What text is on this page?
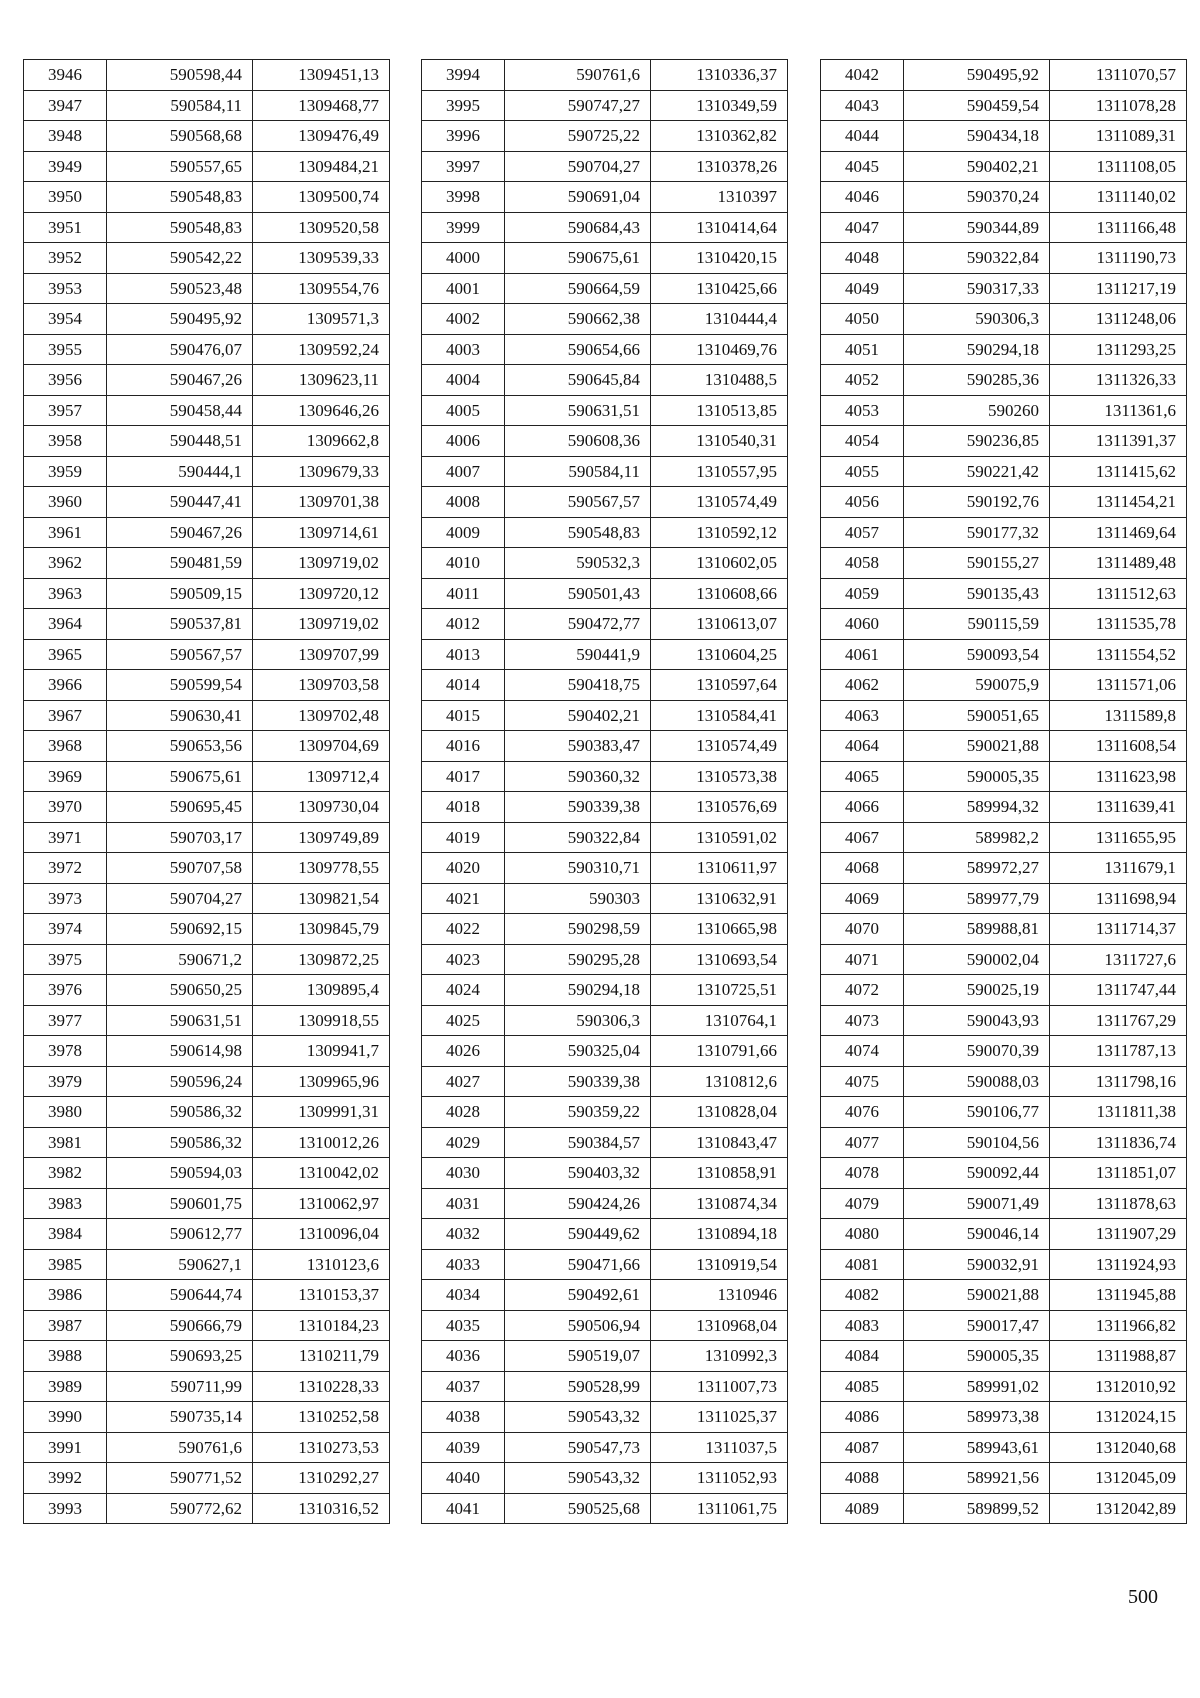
3946	590598,44	1309451,13
3947	590584,11	1309468,77
3948	590568,68	1309476,49
3949	590557,65	1309484,21
3950	590548,83	1309500,74
3951	590548,83	1309520,58
3952	590542,22	1309539,33
3953	590523,48	1309554,76
3954	590495,92	1309571,3
3955	590476,07	1309592,24
3956	590467,26	1309623,11
3957	590458,44	1309646,26
3958	590448,51	1309662,8
3959	590444,1	1309679,33
3960	590447,41	1309701,38
3961	590467,26	1309714,61
3962	590481,59	1309719,02
3963	590509,15	1309720,12
3964	590537,81	1309719,02
3965	590567,57	1309707,99
3966	590599,54	1309703,58
3967	590630,41	1309702,48
3968	590653,56	1309704,69
3969	590675,61	1309712,4
3970	590695,45	1309730,04
3971	590703,17	1309749,89
3972	590707,58	1309778,55
3973	590704,27	1309821,54
3974	590692,15	1309845,79
3975	590671,2	1309872,25
3976	590650,25	1309895,4
3977	590631,51	1309918,55
3978	590614,98	1309941,7
3979	590596,24	1309965,96
3980	590586,32	1309991,31
3981	590586,32	1310012,26
3982	590594,03	1310042,02
3983	590601,75	1310062,97
3984	590612,77	1310096,04
3985	590627,1	1310123,6
3986	590644,74	1310153,37
3987	590666,79	1310184,23
3988	590693,25	1310211,79
3989	590711,99	1310228,33
3990	590735,14	1310252,58
3991	590761,6	1310273,53
3992	590771,52	1310292,27
3993	590772,62	1310316,52
3994	590761,6	1310336,37
3995	590747,27	1310349,59
3996	590725,22	1310362,82
3997	590704,27	1310378,26
3998	590691,04	1310397
3999	590684,43	1310414,64
4000	590675,61	1310420,15
4001	590664,59	1310425,66
4002	590662,38	1310444,4
4003	590654,66	1310469,76
4004	590645,84	1310488,5
4005	590631,51	1310513,85
4006	590608,36	1310540,31
4007	590584,11	1310557,95
4008	590567,57	1310574,49
4009	590548,83	1310592,12
4010	590532,3	1310602,05
4011	590501,43	1310608,66
4012	590472,77	1310613,07
4013	590441,9	1310604,25
4014	590418,75	1310597,64
4015	590402,21	1310584,41
4016	590383,47	1310574,49
4017	590360,32	1310573,38
4018	590339,38	1310576,69
4019	590322,84	1310591,02
4020	590310,71	1310611,97
4021	590303	1310632,91
4022	590298,59	1310665,98
4023	590295,28	1310693,54
4024	590294,18	1310725,51
4025	590306,3	1310764,1
4026	590325,04	1310791,66
4027	590339,38	1310812,6
4028	590359,22	1310828,04
4029	590384,57	1310843,47
4030	590403,32	1310858,91
4031	590424,26	1310874,34
4032	590449,62	1310894,18
4033	590471,66	1310919,54
4034	590492,61	1310946
4035	590506,94	1310968,04
4036	590519,07	1310992,3
4037	590528,99	1311007,73
4038	590543,32	1311025,37
4039	590547,73	1311037,5
4040	590543,32	1311052,93
4041	590525,68	1311061,75
4042	590495,92	1311070,57
4043	590459,54	1311078,28
4044	590434,18	1311089,31
4045	590402,21	1311108,05
4046	590370,24	1311140,02
4047	590344,89	1311166,48
4048	590322,84	1311190,73
4049	590317,33	1311217,19
4050	590306,3	1311248,06
4051	590294,18	1311293,25
4052	590285,36	1311326,33
4053	590260	1311361,6
4054	590236,85	1311391,37
4055	590221,42	1311415,62
4056	590192,76	1311454,21
4057	590177,32	1311469,64
4058	590155,27	1311489,48
4059	590135,43	1311512,63
4060	590115,59	1311535,78
4061	590093,54	1311554,52
4062	590075,9	1311571,06
4063	590051,65	1311589,8
4064	590021,88	1311608,54
4065	590005,35	1311623,98
4066	589994,32	1311639,41
4067	589982,2	1311655,95
4068	589972,27	1311679,1
4069	589977,79	1311698,94
4070	589988,81	1311714,37
4071	590002,04	1311727,6
4072	590025,19	1311747,44
4073	590043,93	1311767,29
4074	590070,39	1311787,13
4075	590088,03	1311798,16
4076	590106,77	1311811,38
4077	590104,56	1311836,74
4078	590092,44	1311851,07
4079	590071,49	1311878,63
4080	590046,14	1311907,29
4081	590032,91	1311924,93
4082	590021,88	1311945,88
4083	590017,47	1311966,82
4084	590005,35	1311988,87
4085	589991,02	1312010,92
4086	589973,38	1312024,15
4087	589943,61	1312040,68
4088	589921,56	1312045,09
4089	589899,52	1312042,89
500
